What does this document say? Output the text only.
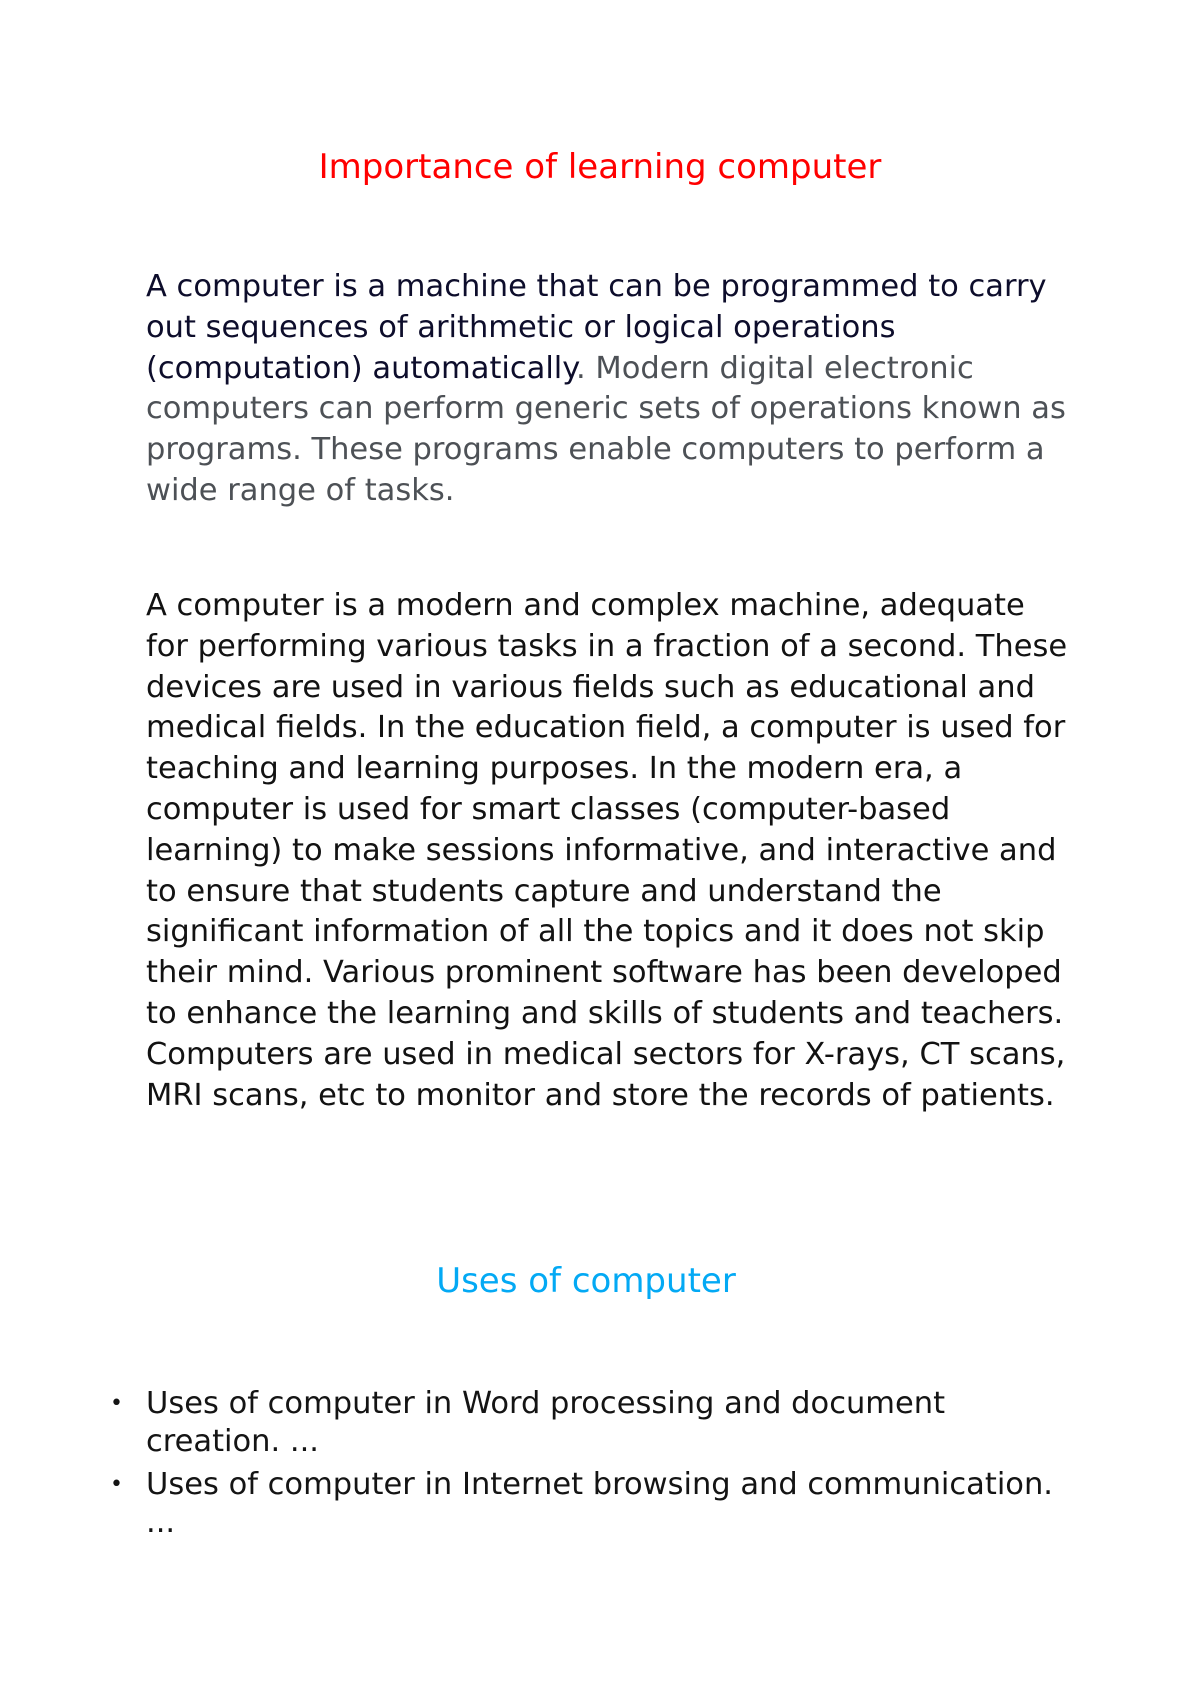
Importance of learning computer

A computer is a machine that can be programmed to carry out sequences of arithmetic or logical operations (computation) automatically. Modern digital electronic computers can perform generic sets of operations known as programs. These programs enable computers to perform a wide range of tasks.

A computer is a modern and complex machine, adequate for performing various tasks in a fraction of a second. These devices are used in various fields such as educational and medical fields. In the education field, a computer is used for teaching and learning purposes. In the modern era, a computer is used for smart classes (computer-based learning) to make sessions informative, and interactive and to ensure that students capture and understand the significant information of all the topics and it does not skip their mind. Various prominent software has been developed to enhance the learning and skills of students and teachers. Computers are used in medical sectors for X-rays, CT scans, MRI scans, etc to monitor and store the records of patients.

Uses of computer
• Uses of computer in Word processing and document creation. ...
• Uses of computer in Internet browsing and communication. ...
